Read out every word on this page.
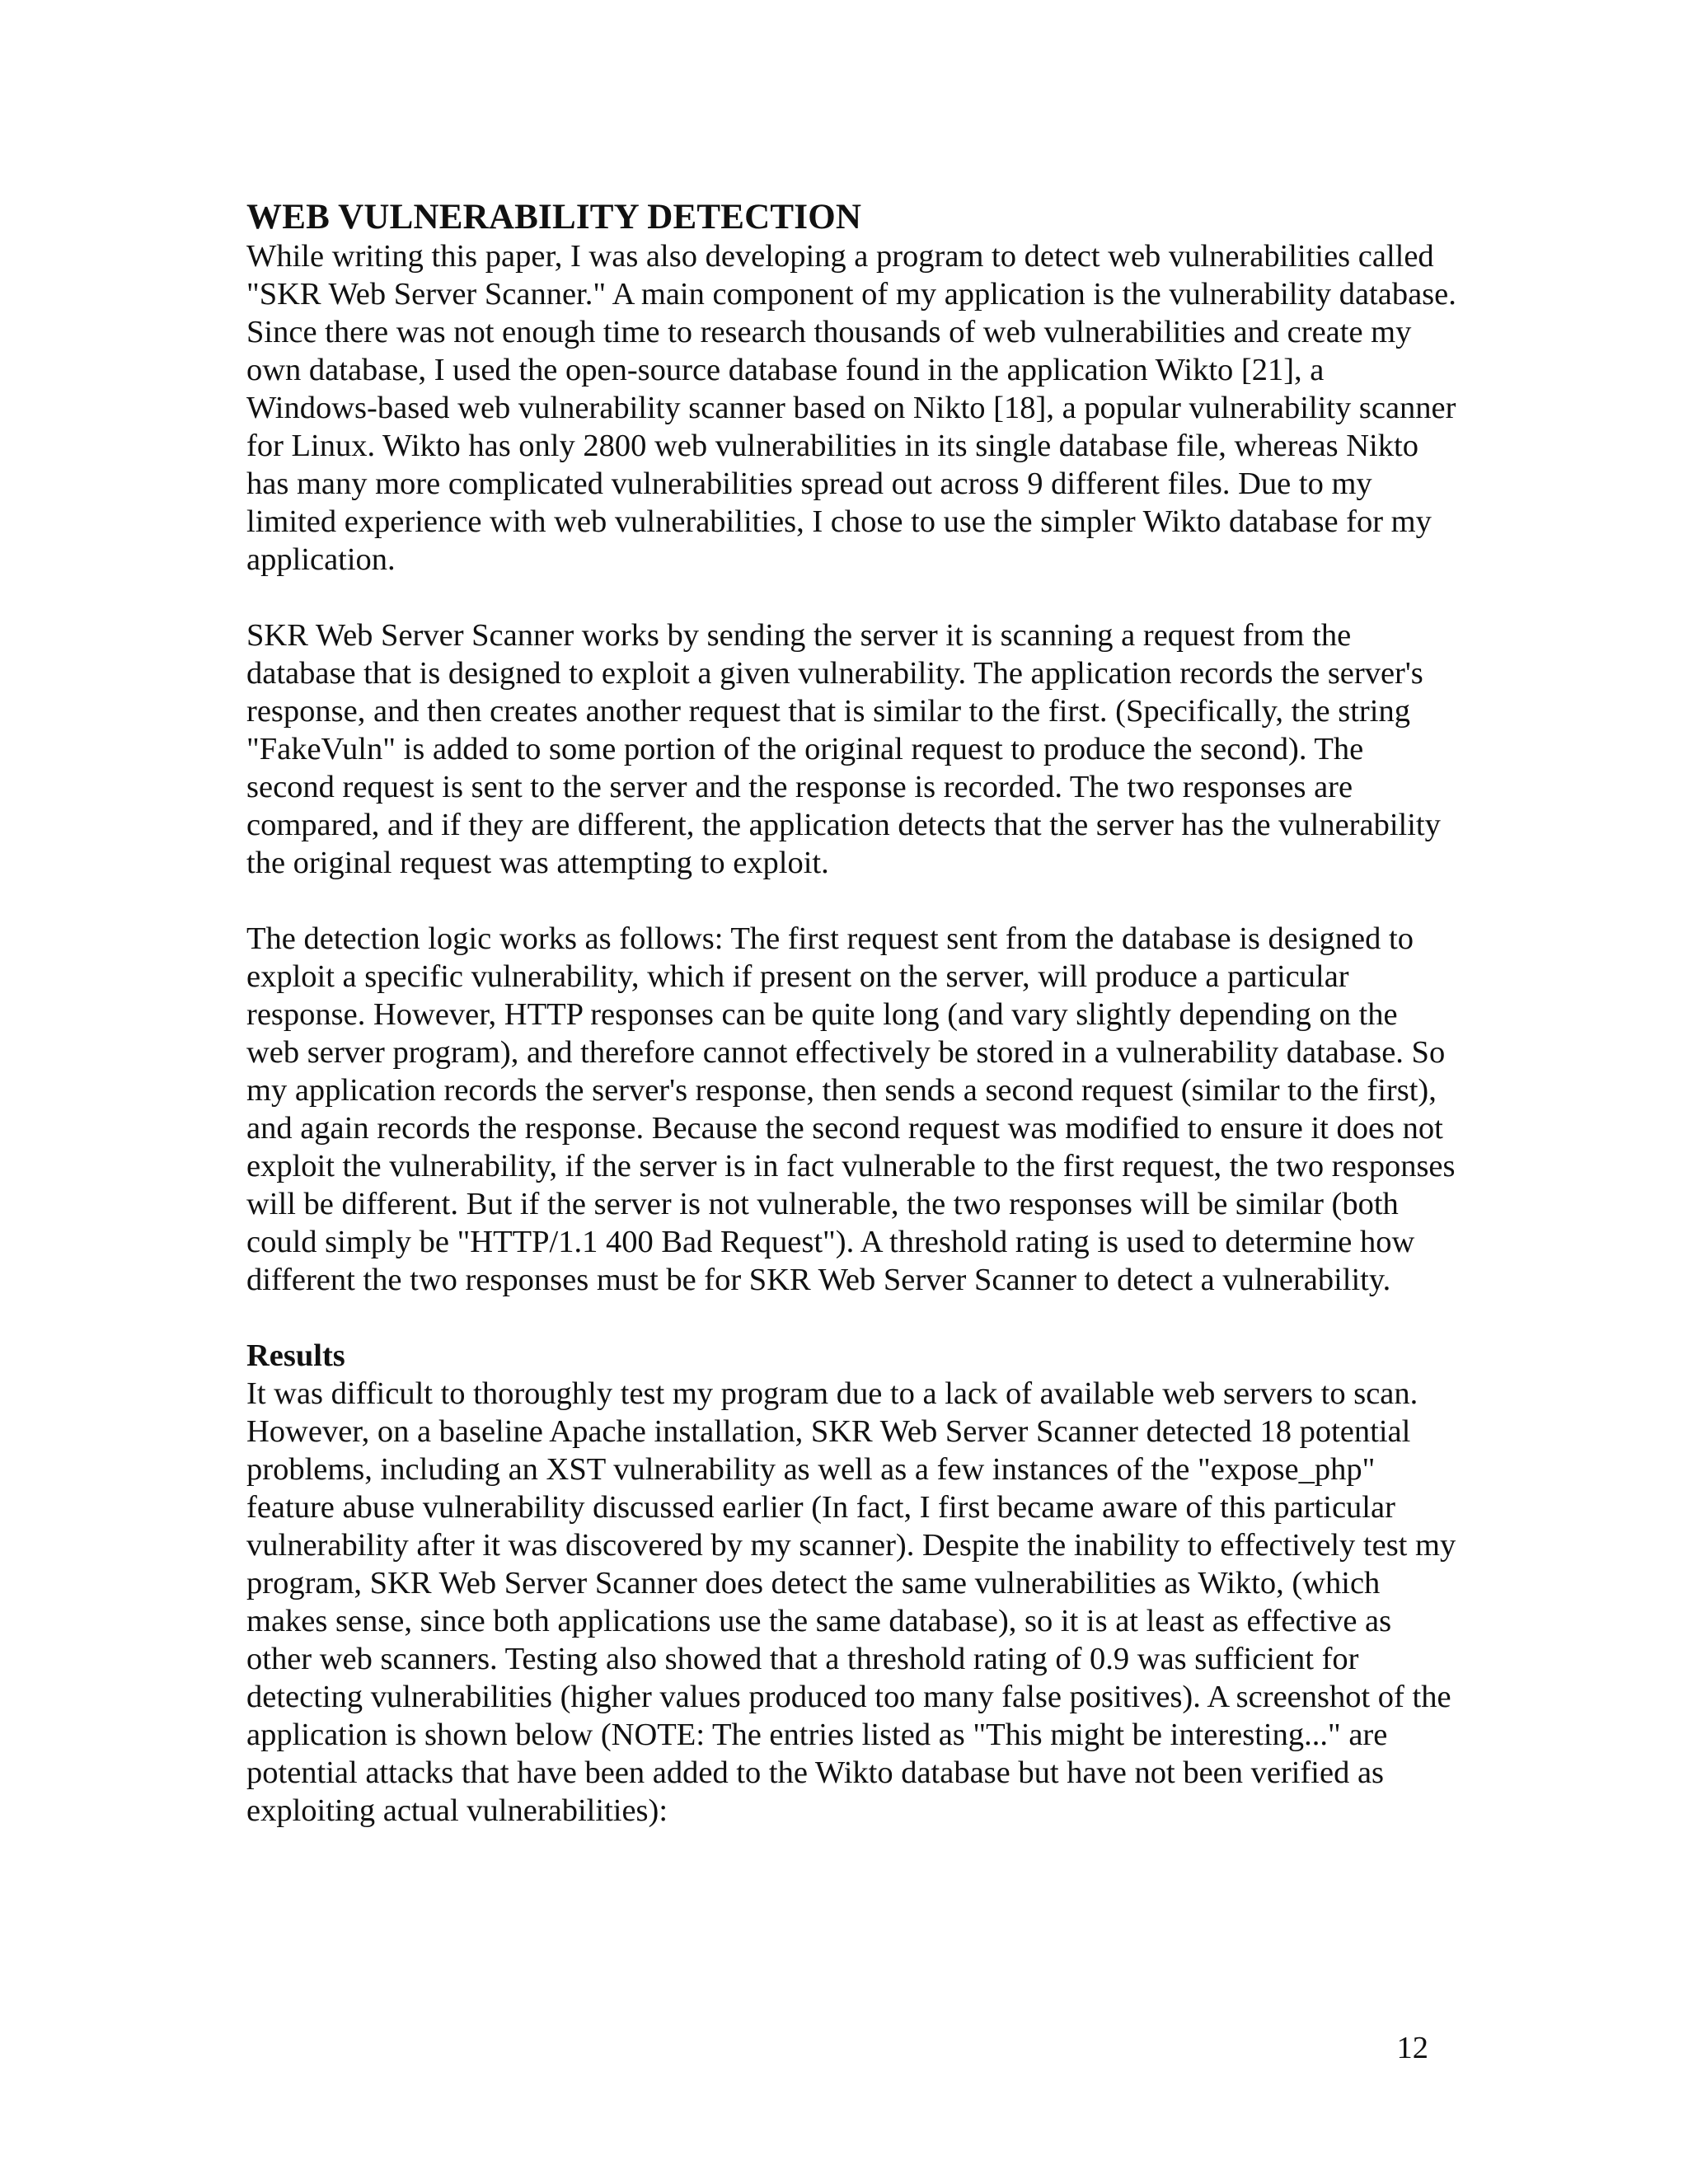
WEB VULNERABILITY DETECTION

While writing this paper, I was also developing a program to detect web vulnerabilities called "SKR Web Server Scanner." A main component of my application is the vulnerability database. Since there was not enough time to research thousands of web vulnerabilities and create my own database, I used the open-source database found in the application Wikto [21], a Windows-based web vulnerability scanner based on Nikto [18], a popular vulnerability scanner for Linux. Wikto has only 2800 web vulnerabilities in its single database file, whereas Nikto has many more complicated vulnerabilities spread out across 9 different files. Due to my limited experience with web vulnerabilities, I chose to use the simpler Wikto database for my application.

SKR Web Server Scanner works by sending the server it is scanning a request from the database that is designed to exploit a given vulnerability. The application records the server's response, and then creates another request that is similar to the first. (Specifically, the string "FakeVuln" is added to some portion of the original request to produce the second). The second request is sent to the server and the response is recorded. The two responses are compared, and if they are different, the application detects that the server has the vulnerability the original request was attempting to exploit.

The detection logic works as follows: The first request sent from the database is designed to exploit a specific vulnerability, which if present on the server, will produce a particular response. However, HTTP responses can be quite long (and vary slightly depending on the web server program), and therefore cannot effectively be stored in a vulnerability database. So my application records the server's response, then sends a second request (similar to the first), and again records the response. Because the second request was modified to ensure it does not exploit the vulnerability, if the server is in fact vulnerable to the first request, the two responses will be different. But if the server is not vulnerable, the two responses will be similar (both could simply be "HTTP/1.1 400 Bad Request"). A threshold rating is used to determine how different the two responses must be for SKR Web Server Scanner to detect a vulnerability.

Results

It was difficult to thoroughly test my program due to a lack of available web servers to scan. However, on a baseline Apache installation, SKR Web Server Scanner detected 18 potential problems, including an XST vulnerability as well as a few instances of the "expose_php" feature abuse vulnerability discussed earlier (In fact, I first became aware of this particular vulnerability after it was discovered by my scanner). Despite the inability to effectively test my program, SKR Web Server Scanner does detect the same vulnerabilities as Wikto, (which makes sense, since both applications use the same database), so it is at least as effective as other web scanners. Testing also showed that a threshold rating of 0.9 was sufficient for detecting vulnerabilities (higher values produced too many false positives). A screenshot of the application is shown below (NOTE: The entries listed as "This might be interesting..." are potential attacks that have been added to the Wikto database but have not been verified as exploiting actual vulnerabilities):

12
